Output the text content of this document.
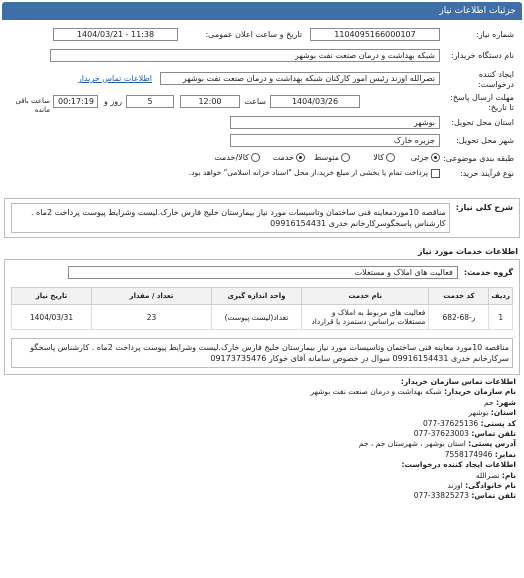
جزئیات اطلاعات نیاز
شماره نیاز:
1104095166000107
تاریخ و ساعت اعلان عمومی:
1404/03/21 - 11:38
نام دستگاه خریدار:
شبکه بهداشت و درمان صنعت نفت بوشهر
ایجاد کننده درخواست:
نصرالله اوزند رئیس امور کارکنان شبکه بهداشت و درمان صنعت نفت بوشهر
اطلاعات تماس خریدار
مهلت ارسال پاسخ: تا تاریخ:
1404/03/26
ساعت
12:00
5
روز و
00:17:19
ساعت باقی مانده
استان محل تحویل:
بوشهر
شهر محل تحویل:
جزیره خارک
طبقه بندی موضوعی:
جزئی
کالا
متوسط
خدمت
کالا/خدمت
نوع فرآیند خرید:
پرداخت تمام یا بخشی از مبلغ خرید،از محل "اسناد خزانه اسلامی" خواهد بود.
شرح کلی نیاز:
مناقصه 10موردمعاینه فنی ساختمان وتاسیسات مورد نیاز بیمارستان خلیج فارس خارک.لیست وشرایط پیوست پرداخت 2ماه . کارشناس پاسخگوسرکارخانم خدری 09916154431
اطلاعات خدمات مورد نیاز
گروه خدمت:
فعالیت های املاک و مستغلات
ردیف	کد خدمت	نام خدمت	واحد اندازه گیری	تعداد / مقدار	تاریخ نیاز
1	ر-68-682	فعالیت های مربوط به املاک و مستغلات براساس دستمزد یا قرارداد	تعداد(لیست پیوست)	23	1404/03/31
مناقصه 10مورد معاینه فنی ساختمان وتاسیسات مورد نیاز بیمارستان خلیج فارس خارک.لیست وشرایط پیوست پرداخت 2ماه . کارشناس پاسخگو سرکارخانم خدری 09916154431 سوال در خصوص سامانه آقای خوکار 09173735476
اطلاعات تماس سازمان خریدار:
نام سازمان خریدار: شبکه بهداشت و درمان صنعت نفت بوشهر
شهر: جم
استان: بوشهر
کد پستی: 37625136-077
تلفن تماس: 37623003-077
آدرس پستی: استان بوشهر ، شهرستان جم ، جم
نمابر: 7558174946
اطلاعات ایجاد کننده درخواست:
نام: نصرالله
نام خانوادگی: اوزند
تلفن تماس: 33825273-077
